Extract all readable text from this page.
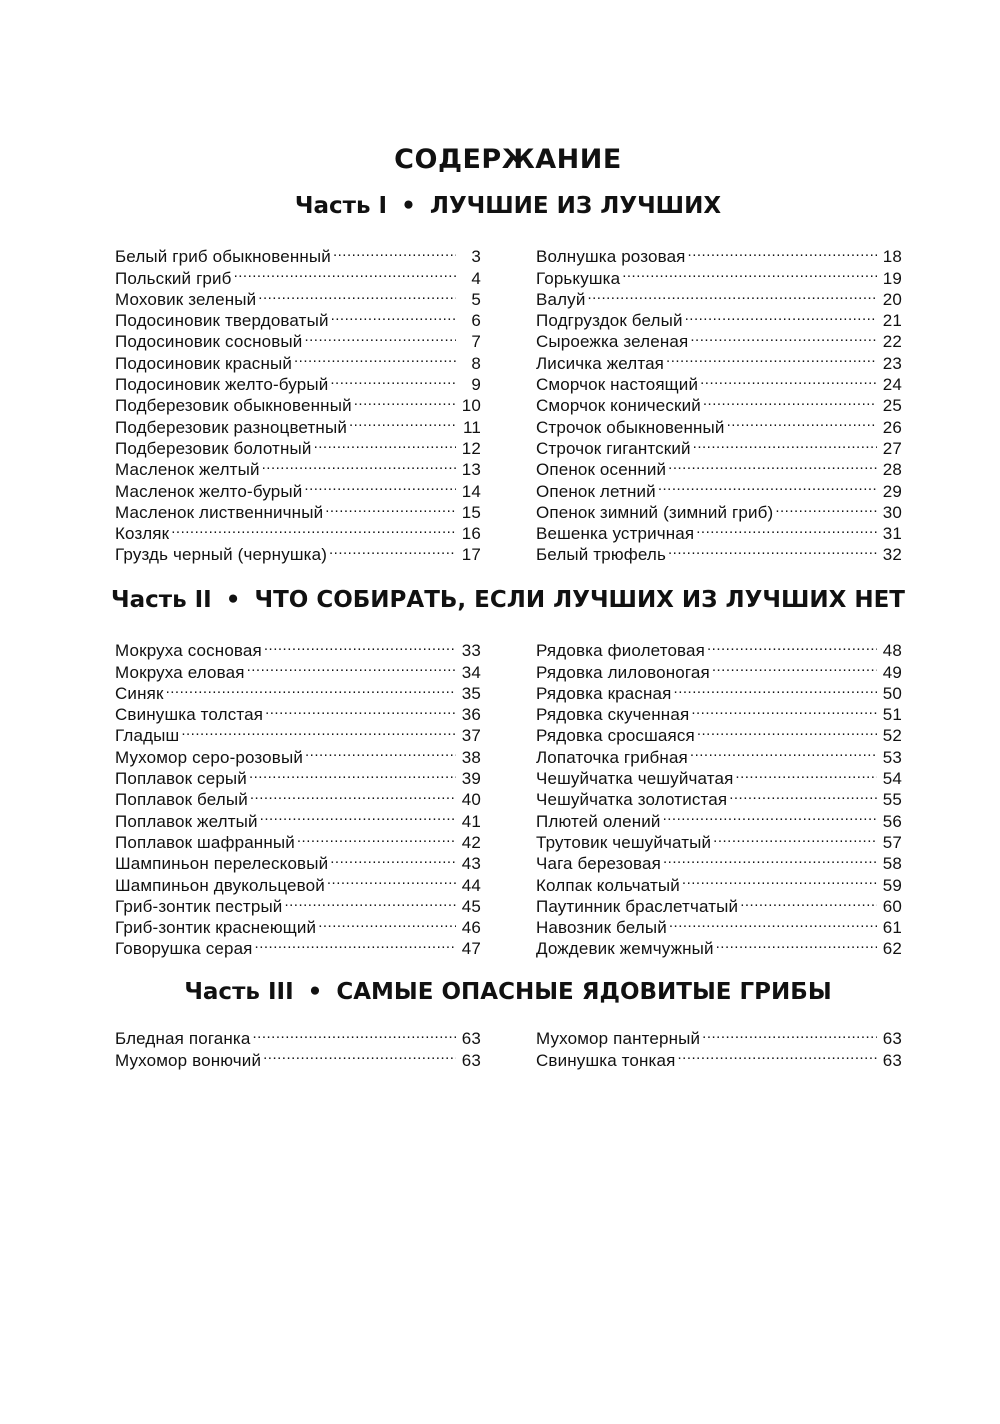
СОДЕРЖАНИЕ
Часть I • ЛУЧШИЕ ИЗ ЛУЧШИХ
Белый гриб обыкновенный .....	3
Польский гриб .....	4
Моховик зеленый .....	5
Подосиновик твердоватый .....	6
Подосиновик сосновый .....	7
Подосиновик красный .....	8
Подосиновик желто-бурый .....	9
Подберезовик обыкновенный .....	10
Подберезовик разноцветный .....	11
Подберезовик болотный .....	12
Масленок желтый .....	13
Масленок желто-бурый .....	14
Масленок лиственничный .....	15
Козляк .....	16
Груздь черный (чернушка) .....	17
Волнушка розовая .....	18
Горькушка .....	19
Валуй .....	20
Подгруздок белый .....	21
Сыроежка зеленая .....	22
Лисичка желтая .....	23
Сморчок настоящий .....	24
Сморчок конический .....	25
Строчок обыкновенный .....	26
Строчок гигантский .....	27
Опенок осенний .....	28
Опенок летний .....	29
Опенок зимний (зимний гриб) .....	30
Вешенка устричная .....	31
Белый трюфель .....	32
Часть II • ЧТО СОБИРАТЬ, ЕСЛИ ЛУЧШИХ ИЗ ЛУЧШИХ НЕТ
Мокруха сосновая .....	33
Мокруха еловая .....	34
Синяк .....	35
Свинушка толстая .....	36
Гладыш .....	37
Мухомор серо-розовый .....	38
Поплавок серый .....	39
Поплавок белый .....	40
Поплавок желтый .....	41
Поплавок шафранный .....	42
Шампиньон перелесковый .....	43
Шампиньон двукольцевой .....	44
Гриб-зонтик пестрый .....	45
Гриб-зонтик краснеющий .....	46
Говорушка серая .....	47
Рядовка фиолетовая .....	48
Рядовка лиловоногая .....	49
Рядовка красная .....	50
Рядовка скученная .....	51
Рядовка сросшаяся .....	52
Лопаточка грибная .....	53
Чешуйчатка чешуйчатая .....	54
Чешуйчатка золотистая .....	55
Плютей олений .....	56
Трутовик чешуйчатый .....	57
Чага березовая .....	58
Колпак кольчатый .....	59
Паутинник браслетчатый .....	60
Навозник белый .....	61
Дождевик жемчужный .....	62
Часть III • САМЫЕ ОПАСНЫЕ ЯДОВИТЫЕ ГРИБЫ
Бледная поганка .....	63
Мухомор вонючий .....	63
Мухомор пантерный .....	63
Свинушка тонкая .....	63
